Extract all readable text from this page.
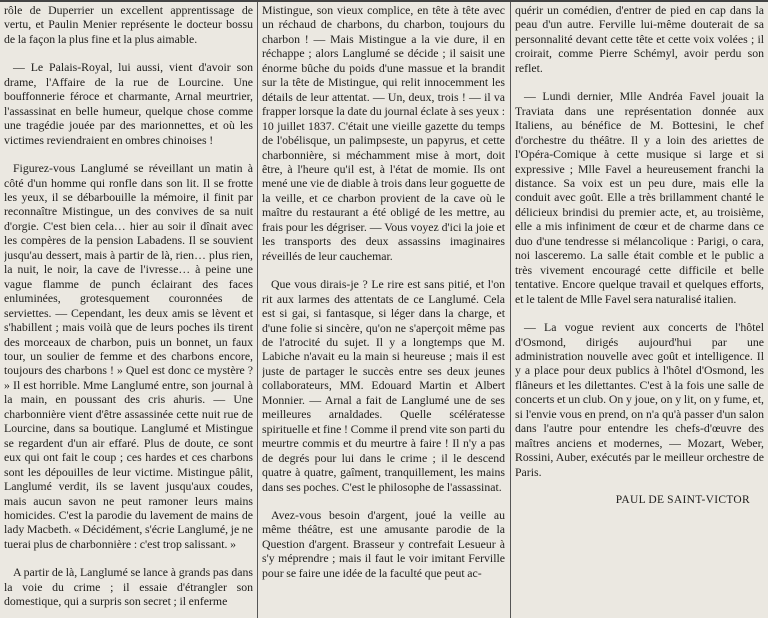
rôle de Duperrier un excellent apprentissage de vertu, et Paulin Menier représente le docteur bossu de la façon la plus fine et la plus aimable.

— Le Palais-Royal, lui aussi, vient d'avoir son drame, l'Affaire de la rue de Lourcine. Une bouffonnerie féroce et charmante, Arnal meurtrier, l'assassinat en belle humeur, quelque chose comme une tragédie jouée par des marionnettes, et où les victimes reviendraient en ombres chinoises !

Figurez-vous Langlumé se réveillant un matin à côté d'un homme qui ronfle dans son lit. Il se frotte les yeux, il se débarbouille la mémoire, il finit par reconnaître Mistingue, un des convives de sa nuit d'orgie. C'est bien cela… hier au soir il dînait avec les compères de la pension Labadens. Il se souvient jusqu'au dessert, mais à partir de là, rien… plus rien, la nuit, le noir, la cave de l'ivresse… à peine une vague flamme de punch éclairant des faces enluminées, grotesquement couronnées de serviettes. — Cependant, les deux amis se lèvent et s'habillent ; mais voilà que de leurs poches ils tirent des morceaux de charbon, puis un bonnet, un faux tour, un soulier de femme et des charbons encore, toujours des charbons ! » Quel est donc ce mystère ? » Il est horrible. Mme Langlumé entre, son journal à la main, en poussant des cris ahuris. — Une charbonnière vient d'être assassinée cette nuit rue de Lourcine, dans sa boutique. Langlumé et Mistingue se regardent d'un air effaré. Plus de doute, ce sont eux qui ont fait le coup ; ces hardes et ces charbons sont les dépouilles de leur victime. Mistingue pâlit, Langlumé verdit, ils se lavent jusqu'aux coudes, mais aucun savon ne peut ramoner leurs mains homicides. C'est la parodie du lavement de mains de lady Macbeth. « Décidément, s'écrie Langlumé, je ne tuerai plus de charbonnière : c'est trop salissant. »

A partir de là, Langlumé se lance à grands pas dans la voie du crime ; il essaie d'étrangler son domestique, qui a surpris son secret ; il enferme

Mistingue, son vieux complice, en tête à tête avec un réchaud de charbons, du charbon, toujours du charbon ! — Mais Mistingue a la vie dure, il en réchappe ; alors Langlumé se décide ; il saisit une énorme bûche du poids d'une massue et la brandit sur la tête de Mistingue, qui relit innocemment les détails de leur attentat. — Un, deux, trois ! — il va frapper lorsque la date du journal éclate à ses yeux : 10 juillet 1837. C'était une vieille gazette du temps de l'obélisque, un palimpseste, un papyrus, et cette charbonnière, si méchamment mise à mort, doit être, à l'heure qu'il est, à l'état de momie. Ils ont mené une vie de diable à trois dans leur goguette de la veille, et ce charbon provient de la cave où le maître du restaurant a été obligé de les mettre, au frais pour les dégriser. — Vous voyez d'ici la joie et les transports des deux assassins imaginaires réveillés de leur cauchemar.

Que vous dirais-je ? Le rire est sans pitié, et l'on rit aux larmes des attentats de ce Langlumé. Cela est si gai, si fantasque, si léger dans la charge, et d'une folie si sincère, qu'on ne s'aperçoit même pas de l'atrocité du sujet. Il y a longtemps que M. Labiche n'avait eu la main si heureuse ; mais il est juste de partager le succès entre ses deux jeunes collaborateurs, MM. Edouard Martin et Albert Monnier. — Arnal a fait de Langlumé une de ses meilleures arnaldades. Quelle scélératesse spirituelle et fine ! Comme il prend vite son parti du meurtre commis et du meurtre à faire ! Il n'y a pas de degrés pour lui dans le crime ; il le descend quatre à quatre, gaîment, tranquillement, les mains dans ses poches. C'est le philosophe de l'assassinat.

Avez-vous besoin d'argent, joué la veille au même théâtre, est une amusante parodie de la Question d'argent. Brasseur y contrefait Lesueur à s'y méprendre ; mais il faut le voir imitant Ferville pour se faire une idée de la faculté que peut ac-

quérir un comédien, d'entrer de pied en cap dans la peau d'un autre. Ferville lui-même douterait de sa personnalité devant cette tête et cette voix volées ; il croirait, comme Pierre Schémyl, avoir perdu son reflet.

— Lundi dernier, Mlle Andréa Favel jouait la Traviata dans une représentation donnée aux Italiens, au bénéfice de M. Bottesini, le chef d'orchestre du théâtre. Il y a loin des ariettes de l'Opéra-Comique à cette musique si large et si expressive ; Mlle Favel a heureusement franchi la distance. Sa voix est un peu dure, mais elle la conduit avec goût. Elle a très brillamment chanté le délicieux brindisi du premier acte, et, au troisième, elle a mis infiniment de cœur et de charme dans ce duo d'une tendresse si mélancolique : Parigi, o cara, noi lasceremo. La salle était comble et le public a très vivement encouragé cette difficile et belle tentative. Encore quelque travail et quelques efforts, et le talent de Mlle Favel sera naturalisé italien.

— La vogue revient aux concerts de l'hôtel d'Osmond, dirigés aujourd'hui par une administration nouvelle avec goût et intelligence. Il y a place pour deux publics à l'hôtel d'Osmond, les flâneurs et les dilettantes. C'est à la fois une salle de concerts et un club. On y joue, on y lit, on y fume, et, si l'envie vous en prend, on n'a qu'à passer d'un salon dans l'autre pour entendre les chefs-d'œuvre des maîtres anciens et modernes, — Mozart, Weber, Rossini, Auber, exécutés par le meilleur orchestre de Paris.

PAUL DE SAINT-VICTOR
